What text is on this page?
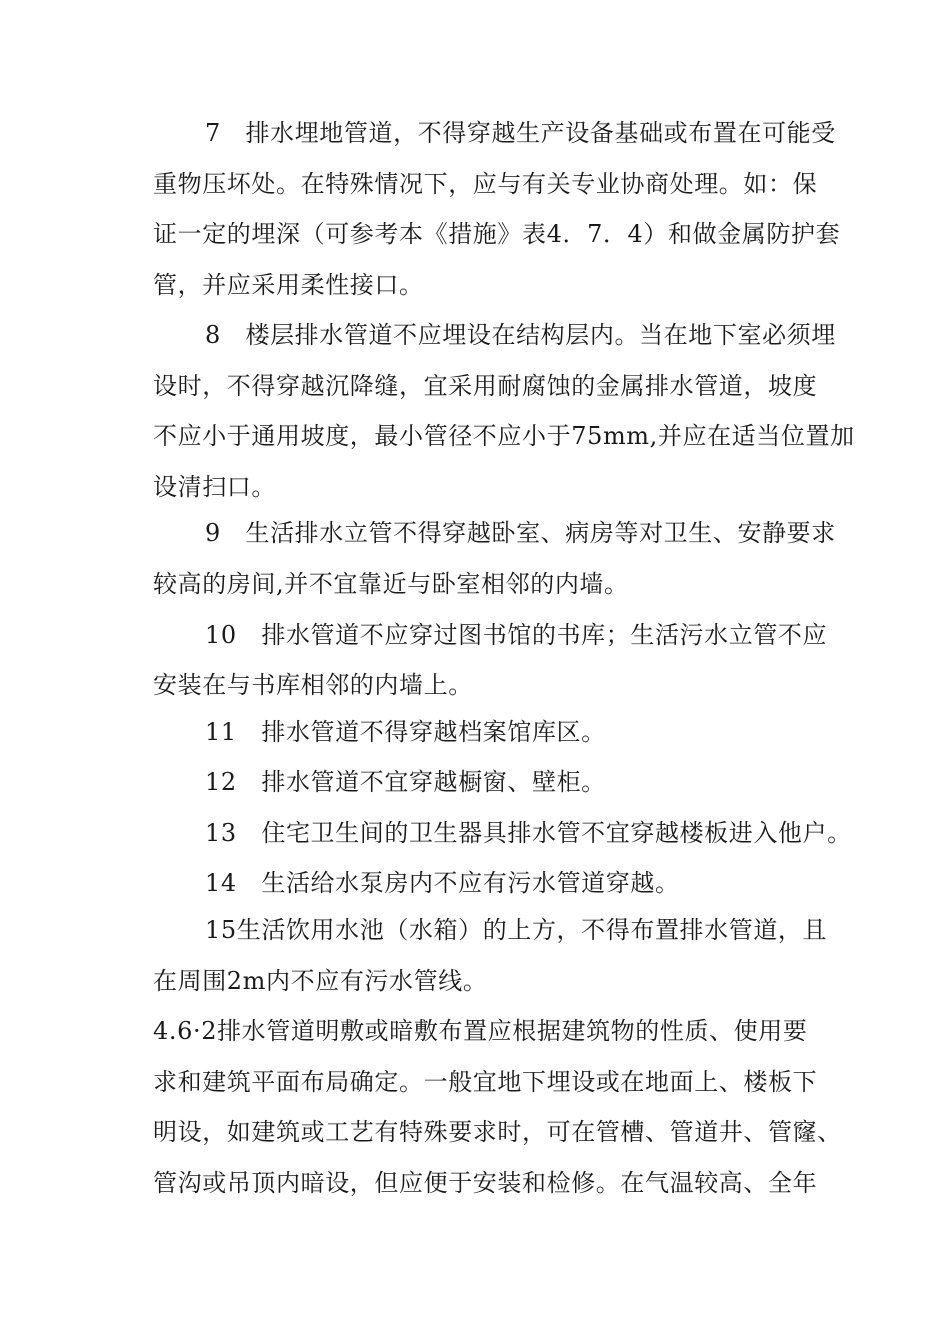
7　排水埋地管道，不得穿越生产设备基础或布置在可能受
重物压坏处。在特殊情况下，应与有关专业协商处理。如：保
证一定的埋深（可参考本《措施》表4．7．4）和做金属防护套
管，并应采用柔性接口。
8　楼层排水管道不应埋设在结构层内。当在地下室必须埋
设时，不得穿越沉降缝，宜采用耐腐蚀的金属排水管道，坡度
不应小于通用坡度，最小管径不应小于75mm,并应在适当位置加
设清扫口。
9　生活排水立管不得穿越卧室、病房等对卫生、安静要求
较高的房间,并不宜靠近与卧室相邻的内墙。
10　排水管道不应穿过图书馆的书库；生活污水立管不应
安装在与书库相邻的内墙上。
11　排水管道不得穿越档案馆库区。
12　排水管道不宜穿越橱窗、壁柜。
13　住宅卫生间的卫生器具排水管不宜穿越楼板进入他户。
14　生活给水泵房内不应有污水管道穿越。
15生活饮用水池（水箱）的上方，不得布置排水管道，且
在周围2m内不应有污水管线。
4.6·2排水管道明敷或暗敷布置应根据建筑物的性质、使用要
求和建筑平面布局确定。一般宜地下埋设或在地面上、楼板下
明设，如建筑或工艺有特殊要求时，可在管槽、管道井、管窿、
管沟或吊顶内暗设，但应便于安装和检修。在气温较高、全年
